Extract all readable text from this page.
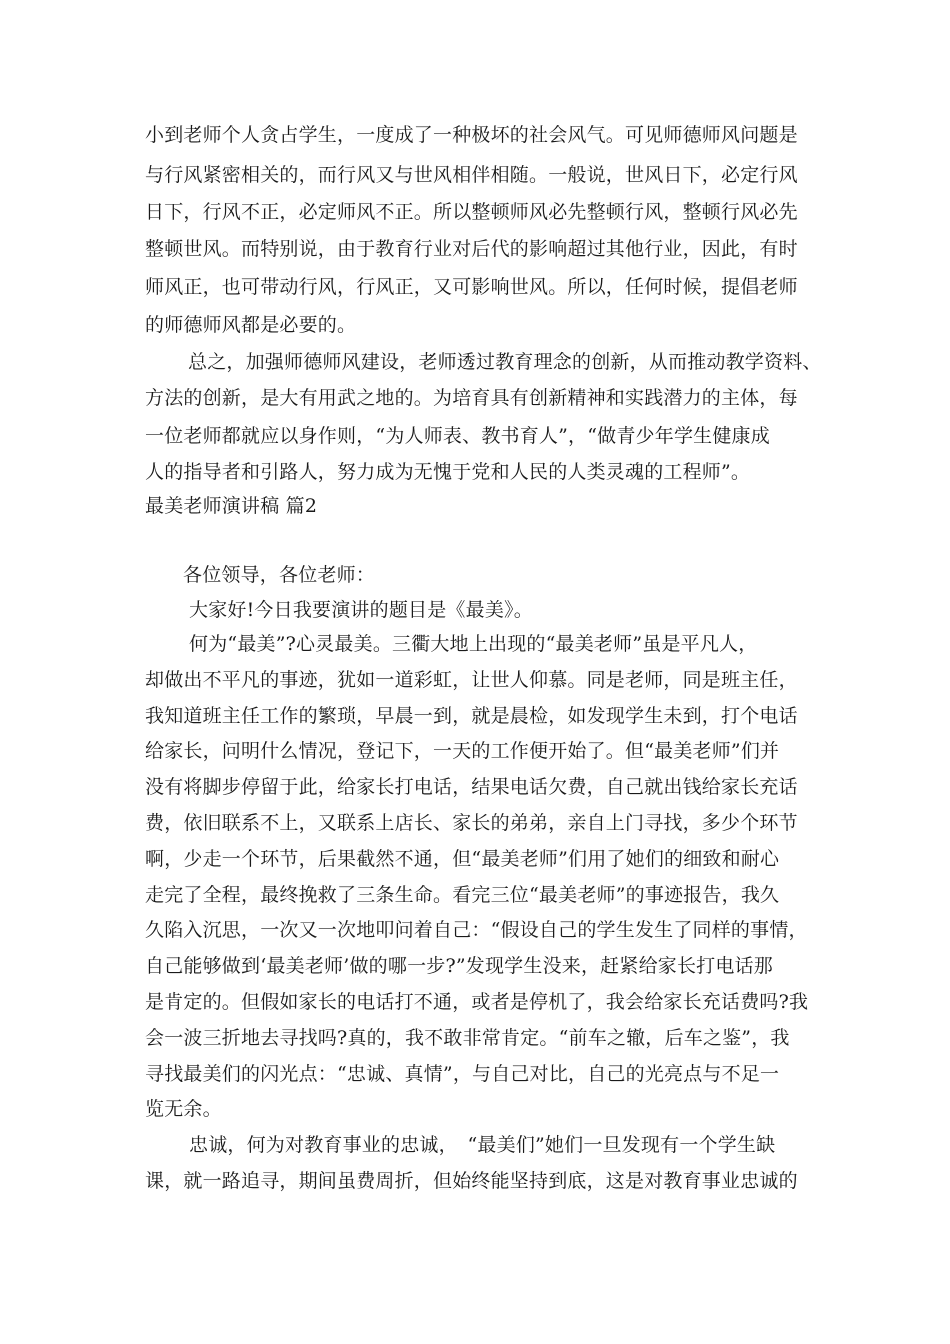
小到老师个人贪占学生，一度成了一种极坏的社会风气。可见师德师风问题是

与行风紧密相关的，而行风又与世风相伴相随。一般说，世风日下，必定行风

日下，行风不正，必定师风不正。所以整顿师风必先整顿行风，整顿行风必先

整顿世风。而特别说，由于教育行业对后代的影响超过其他行业，因此，有时

师风正，也可带动行风，行风正，又可影响世风。所以，任何时候，提倡老师

的师德师风都是必要的。

总之，加强师德师风建设，老师透过教育理念的创新，从而推动教学资料、

方法的创新，是大有用武之地的。为培育具有创新精神和实践潜力的主体，每

一位老师都就应以身作则，“为人师表、教书育人”，“做青少年学生健康成

人的指导者和引路人，努力成为无愧于党和人民的人类灵魂的工程师”。

最美老师演讲稿 篇2

各位领导，各位老师：

大家好!今日我要演讲的题目是《最美》。

何为“最美”?心灵最美。三衢大地上出现的“最美老师”虽是平凡人，

却做出不平凡的事迹，犹如一道彩虹，让世人仰慕。同是老师，同是班主任，

我知道班主任工作的繁琐，早晨一到，就是晨检，如发现学生未到，打个电话

给家长，问明什么情况，登记下，一天的工作便开始了。但“最美老师”们并

没有将脚步停留于此，给家长打电话，结果电话欠费，自己就出钱给家长充话

费，依旧联系不上，又联系上店长、家长的弟弟，亲自上门寻找，多少个环节

啊，少走一个环节，后果截然不通，但“最美老师”们用了她们的细致和耐心

走完了全程，最终挽救了三条生命。看完三位“最美老师”的事迹报告，我久

久陷入沉思，一次又一次地叩问着自己：“假设自己的学生发生了同样的事情，

自己能够做到‘最美老师’做的哪一步?”发现学生没来，赶紧给家长打电话那

是肯定的。但假如家长的电话打不通，或者是停机了，我会给家长充话费吗?我

会一波三折地去寻找吗?真的，我不敢非常肯定。“前车之辙，后车之鉴”，我

寻找最美们的闪光点：“忠诚、真情”，与自己对比，自己的光亮点与不足一

览无余。

忠诚，何为对教育事业的忠诚，　“最美们”她们一旦发现有一个学生缺

课，就一路追寻，期间虽费周折，但始终能坚持到底，这是对教育事业忠诚的
